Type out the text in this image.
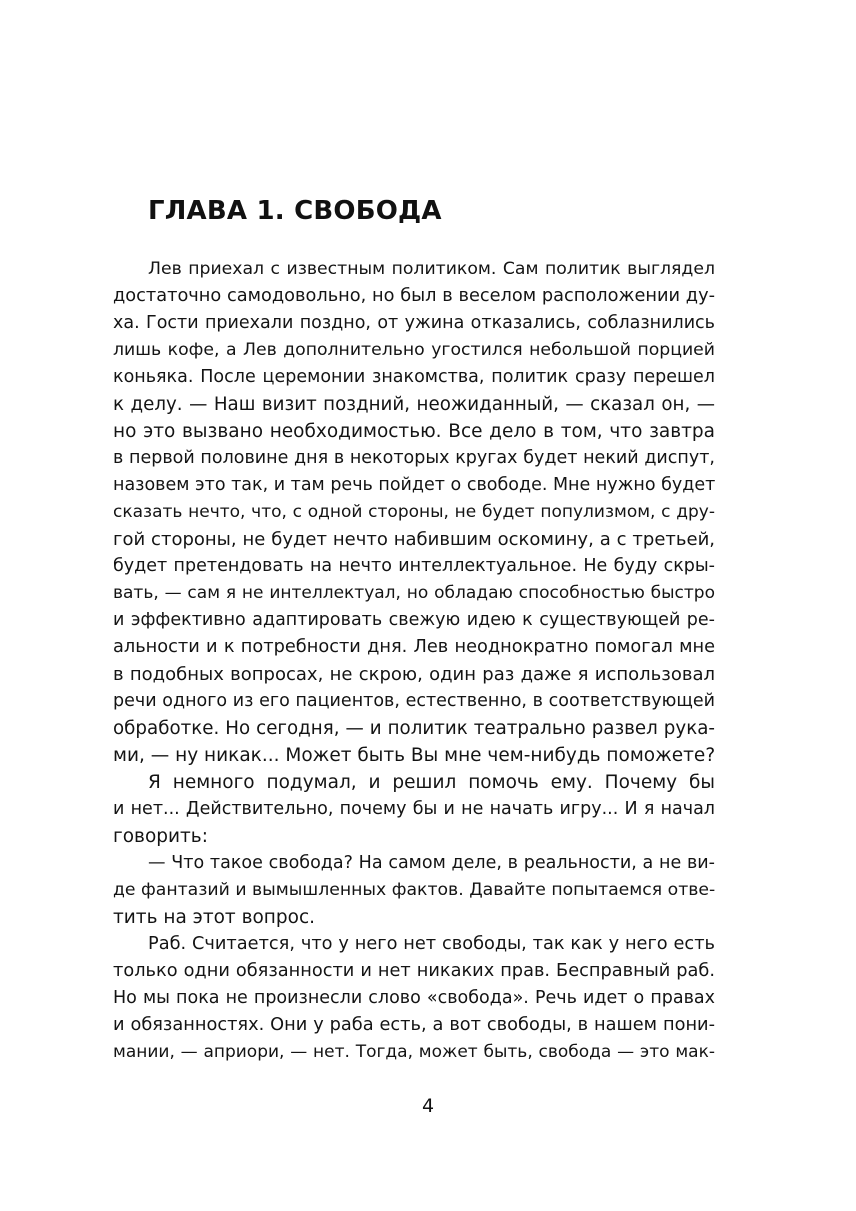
ГЛАВА 1. СВОБОДА
Лев приехал с известным политиком. Сам политик выглядел
достаточно самодовольно, но был в веселом расположении ду-
ха. Гости приехали поздно, от ужина отказались, соблазнились
лишь кофе, а Лев дополнительно угостился небольшой порцией
коньяка. После церемонии знакомства, политик сразу перешел
к делу. — Наш визит поздний, неожиданный, — сказал он, —
но это вызвано необходимостью. Все дело в том, что завтра
в первой половине дня в некоторых кругах будет некий диспут,
назовем это так, и там речь пойдет о свободе. Мне нужно будет
сказать нечто, что, с одной стороны, не будет популизмом, с дру-
гой стороны, не будет нечто набившим оскомину, а с третьей,
будет претендовать на нечто интеллектуальное. Не буду скры-
вать, — сам я не интеллектуал, но обладаю способностью быстро
и эффективно адаптировать свежую идею к существующей ре-
альности и к потребности дня. Лев неоднократно помогал мне
в подобных вопросах, не скрою, один раз даже я использовал
речи одного из его пациентов, естественно, в соответствующей
обработке. Но сегодня, — и политик театрально развел рука-
ми, — ну никак... Может быть Вы мне чем-нибудь поможете?
Я немного подумал, и решил помочь ему. Почему бы
и нет... Действительно, почему бы и не начать игру... И я начал
говорить:
— Что такое свобода? На самом деле, в реальности, а не ви-
де фантазий и вымышленных фактов. Давайте попытаемся отве-
тить на этот вопрос.
Раб. Считается, что у него нет свободы, так как у него есть
только одни обязанности и нет никаких прав. Бесправный раб.
Но мы пока не произнесли слово «свобода». Речь идет о правах
и обязанностях. Они у раба есть, а вот свободы, в нашем пони-
мании, — априори, — нет. Тогда, может быть, свобода — это мак-
4
